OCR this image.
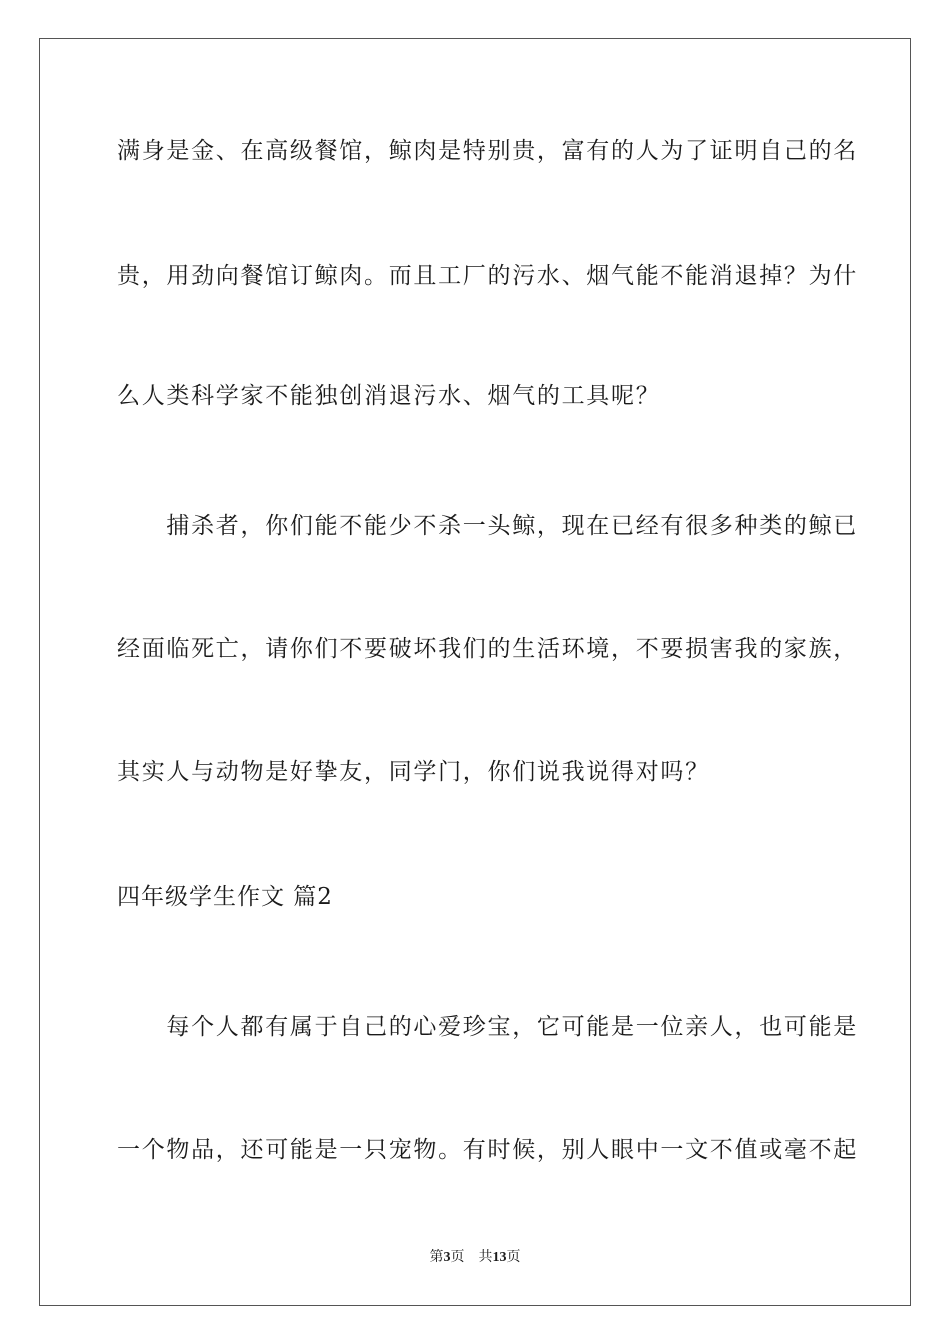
满身是金、在高级餐馆，鲸肉是特别贵，富有的人为了证明自己的名
贵，用劲向餐馆订鲸肉。而且工厂的污水、烟气能不能消退掉？为什
么人类科学家不能独创消退污水、烟气的工具呢？
　　捕杀者，你们能不能少不杀一头鲸，现在已经有很多种类的鲸已
经面临死亡，请你们不要破坏我们的生活环境，不要损害我的家族，
其实人与动物是好挚友，同学门，你们说我说得对吗？
四年级学生作文 篇2
　　每个人都有属于自己的心爱珍宝，它可能是一位亲人，也可能是
一个物品，还可能是一只宠物。有时候，别人眼中一文不值或毫不起
第3页 共13页
